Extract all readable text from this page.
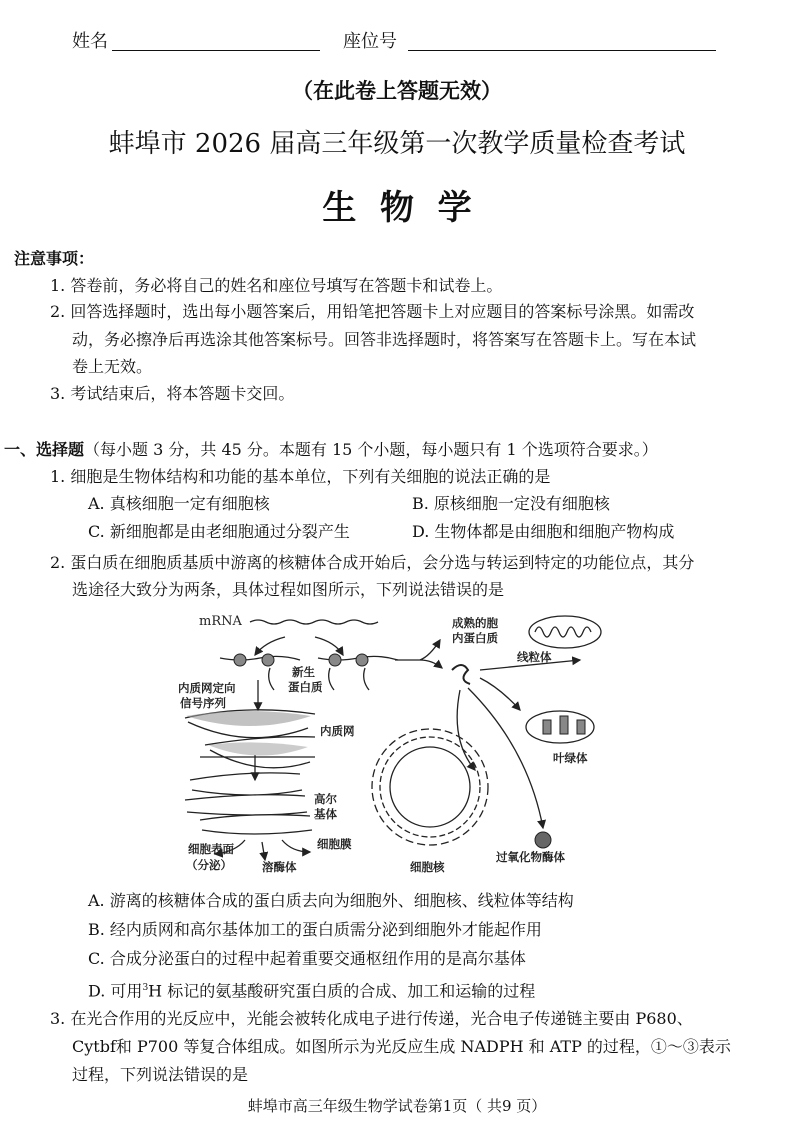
姓名	座位号
（在此卷上答题无效）
蚌埠市 2026 届高三年级第一次教学质量检查考试
生  物  学
注意事项：
1. 答卷前，务必将自己的姓名和座位号填写在答题卡和试卷上。
2. 回答选择题时，选出每小题答案后，用铅笔把答题卡上对应题目的答案标号涂黑。如需改
动，务必擦净后再选涂其他答案标号。回答非选择题时，将答案写在答题卡上。写在本试
卷上无效。
3. 考试结束后，将本答题卡交回。
一、选择题（每小题 3 分，共 45 分。本题有 15 个小题，每小题只有 1 个选项符合要求。）
1. 细胞是生物体结构和功能的基本单位，下列有关细胞的说法正确的是
A. 真核细胞一定有细胞核	B. 原核细胞一定没有细胞核
C. 新细胞都是由老细胞通过分裂产生	D. 生物体都是由细胞和细胞产物构成
2. 蛋白质在细胞质基质中游离的核糖体合成开始后，会分选与转运到特定的功能位点，其分
选途径大致分为两条，具体过程如图所示，下列说法错误的是
mRNA
新生
蛋白质
内质网定向
信号序列
内质网
高尔
基体
细胞表面
（分泌）	溶酶体
细胞膜
成熟的胞
内蛋白质
线粒体
叶绿体
细胞核
过氧化物酶体
A. 游离的核糖体合成的蛋白质去向为细胞外、细胞核、线粒体等结构
B. 经内质网和高尔基体加工的蛋白质需分泌到细胞外才能起作用
C. 合成分泌蛋白的过程中起着重要交通枢纽作用的是高尔基体
D. 可用$^3$H 标记的氨基酸研究蛋白质的合成、加工和运输的过程
3. 在光合作用的光反应中，光能会被转化成电子进行传递，光合电子传递链主要由 P680、
Cytbf和 P700 等复合体组成。如图所示为光反应生成 NADPH 和 ATP 的过程，①～③表示
过程，下列说法错误的是
蚌埠市高三年级生物学试卷第1页（ 共9 页）
